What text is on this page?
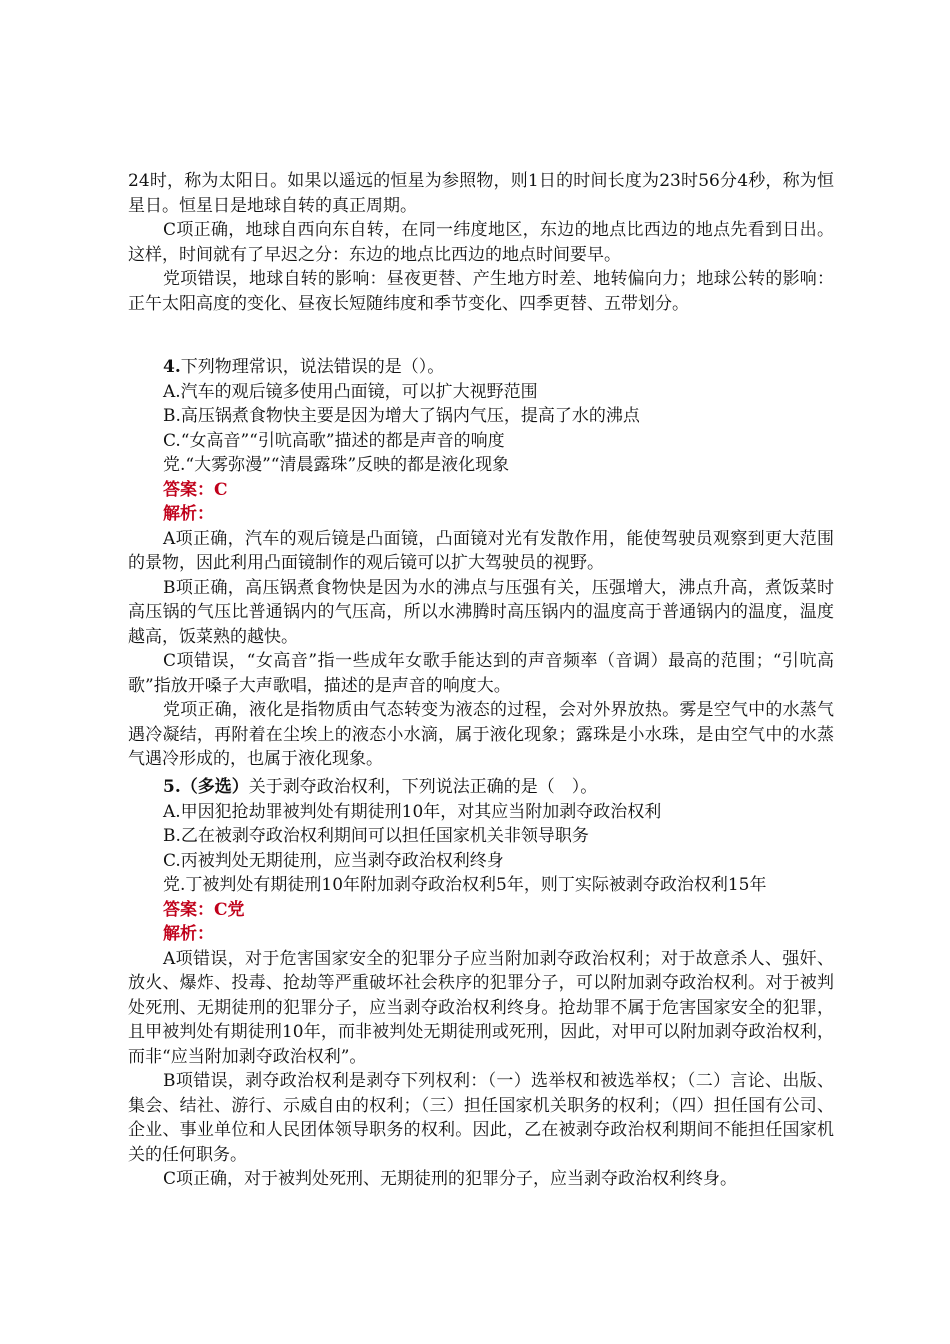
24时，称为太阳日。如果以遥远的恒星为参照物，则1日的时间长度为23时56分4秒，称为恒星日。恒星日是地球自转的真正周期。

C项正确，地球自西向东自转，在同一纬度地区，东边的地点比西边的地点先看到日出。这样，时间就有了早迟之分：东边的地点比西边的地点时间要早。

党项错误，地球自转的影响：昼夜更替、产生地方时差、地转偏向力；地球公转的影响：正午太阳高度的变化、昼夜长短随纬度和季节变化、四季更替、五带划分。

4.下列物理常识，说法错误的是（）。

A.汽车的观后镜多使用凸面镜，可以扩大视野范围

B.高压锅煮食物快主要是因为增大了锅内气压，提高了水的沸点

C.“女高音”“引吭高歌”描述的都是声音的响度

党.“大雾弥漫”“清晨露珠”反映的都是液化现象

答案：C

解析：

A项正确，汽车的观后镜是凸面镜，凸面镜对光有发散作用，能使驾驶员观察到更大范围的景物，因此利用凸面镜制作的观后镜可以扩大驾驶员的视野。

B项正确，高压锅煮食物快是因为水的沸点与压强有关，压强增大，沸点升高，煮饭菜时高压锅的气压比普通锅内的气压高，所以水沸腾时高压锅内的温度高于普通锅内的温度，温度越高，饭菜熟的越快。

C项错误，“女高音”指一些成年女歌手能达到的声音频率（音调）最高的范围；“引吭高歌”指放开嗓子大声歌唱，描述的是声音的响度大。

党项正确，液化是指物质由气态转变为液态的过程，会对外界放热。雾是空气中的水蒸气遇冷凝结，再附着在尘埃上的液态小水滴，属于液化现象；露珠是小水珠，是由空气中的水蒸气遇冷形成的，也属于液化现象。

5.（多选）关于剥夺政治权利，下列说法正确的是（　）。

A.甲因犯抢劫罪被判处有期徒刑10年，对其应当附加剥夺政治权利

B.乙在被剥夺政治权利期间可以担任国家机关非领导职务

C.丙被判处无期徒刑，应当剥夺政治权利终身

党.丁被判处有期徒刑10年附加剥夺政治权利5年，则丁实际被剥夺政治权利15年

答案：C党

解析：

A项错误，对于危害国家安全的犯罪分子应当附加剥夺政治权利；对于故意杀人、强奸、放火、爆炸、投毒、抢劫等严重破坏社会秩序的犯罪分子，可以附加剥夺政治权利。对于被判处死刑、无期徒刑的犯罪分子，应当剥夺政治权利终身。抢劫罪不属于危害国家安全的犯罪，且甲被判处有期徒刑10年，而非被判处无期徒刑或死刑，因此，对甲可以附加剥夺政治权利，而非“应当附加剥夺政治权利”。

B项错误，剥夺政治权利是剥夺下列权利：（一）选举权和被选举权；（二）言论、出版、集会、结社、游行、示威自由的权利；（三）担任国家机关职务的权利；（四）担任国有公司、企业、事业单位和人民团体领导职务的权利。因此，乙在被剥夺政治权利期间不能担任国家机关的任何职务。

C项正确，对于被判处死刑、无期徒刑的犯罪分子，应当剥夺政治权利终身。
